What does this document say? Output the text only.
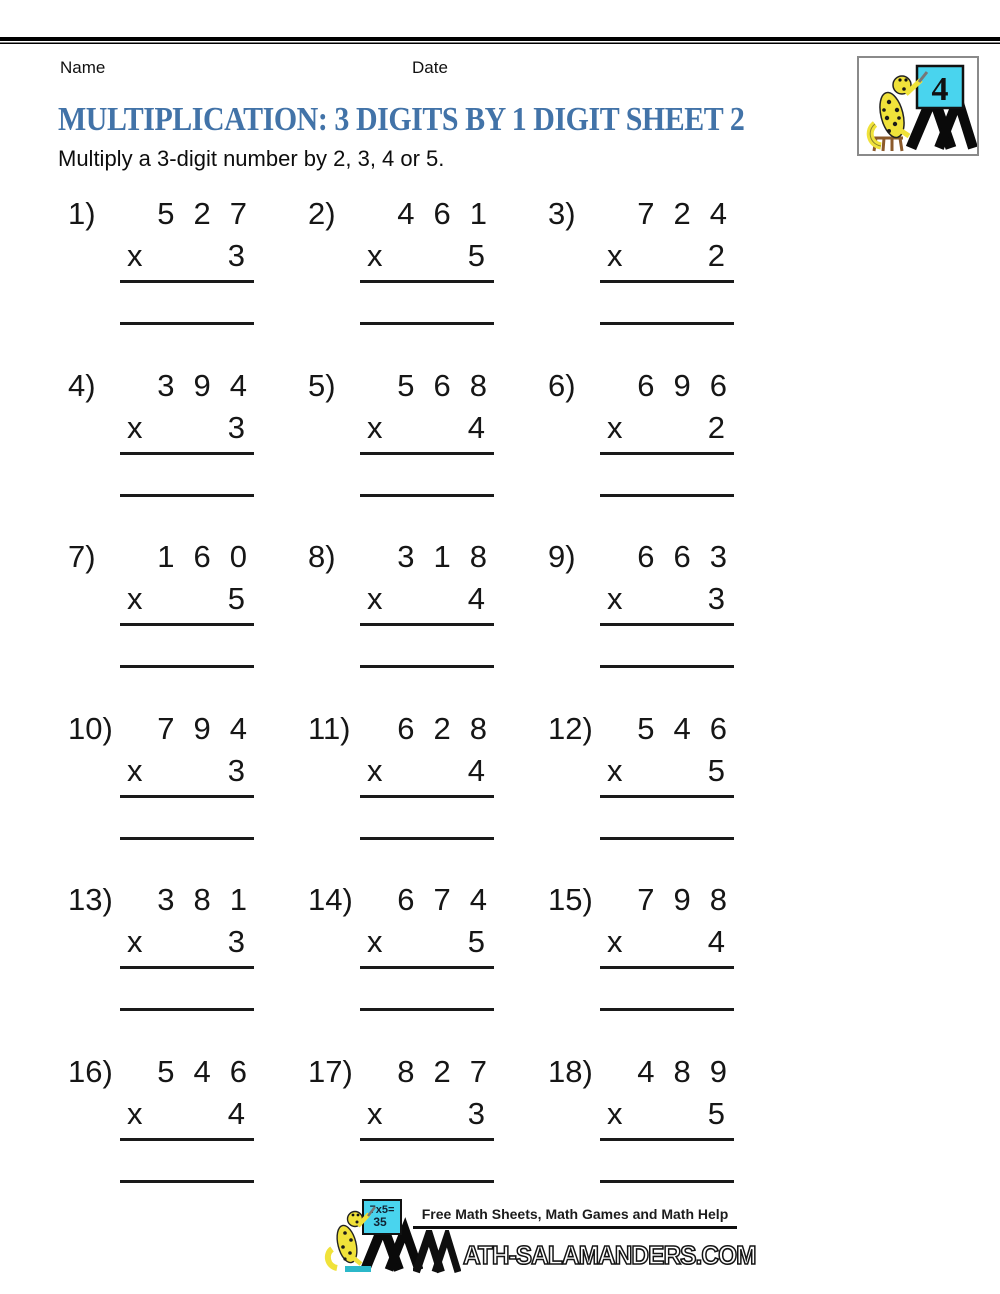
Name	Date
4
MULTIPLICATION: 3 DIGITS BY 1 DIGIT SHEET 2
Multiply a 3-digit number by 2, 3, 4 or 5.
1) 5 2 7
x	3
2) 4 6 1
x	5
3) 7 2 4
x	2
4) 3 9 4
x	3
5) 5 6 8
x	4
6) 6 9 6
x	2
7) 1 6 0
x	5
8) 3 1 8
x	4
9) 6 6 3
x	3
10) 7 9 4
x	3
11) 6 2 8
x	4
12) 5 4 6
x	5
13) 3 8 1
x	3
14) 6 7 4
x	5
15) 7 9 8
x	4
16) 5 4 6
x	4
17) 8 2 7
x	3
18) 4 8 9
x	5
7x5=
35	Free Math Sheets, Math Games and Math Help
ATH-SALAMANDERS.COM
